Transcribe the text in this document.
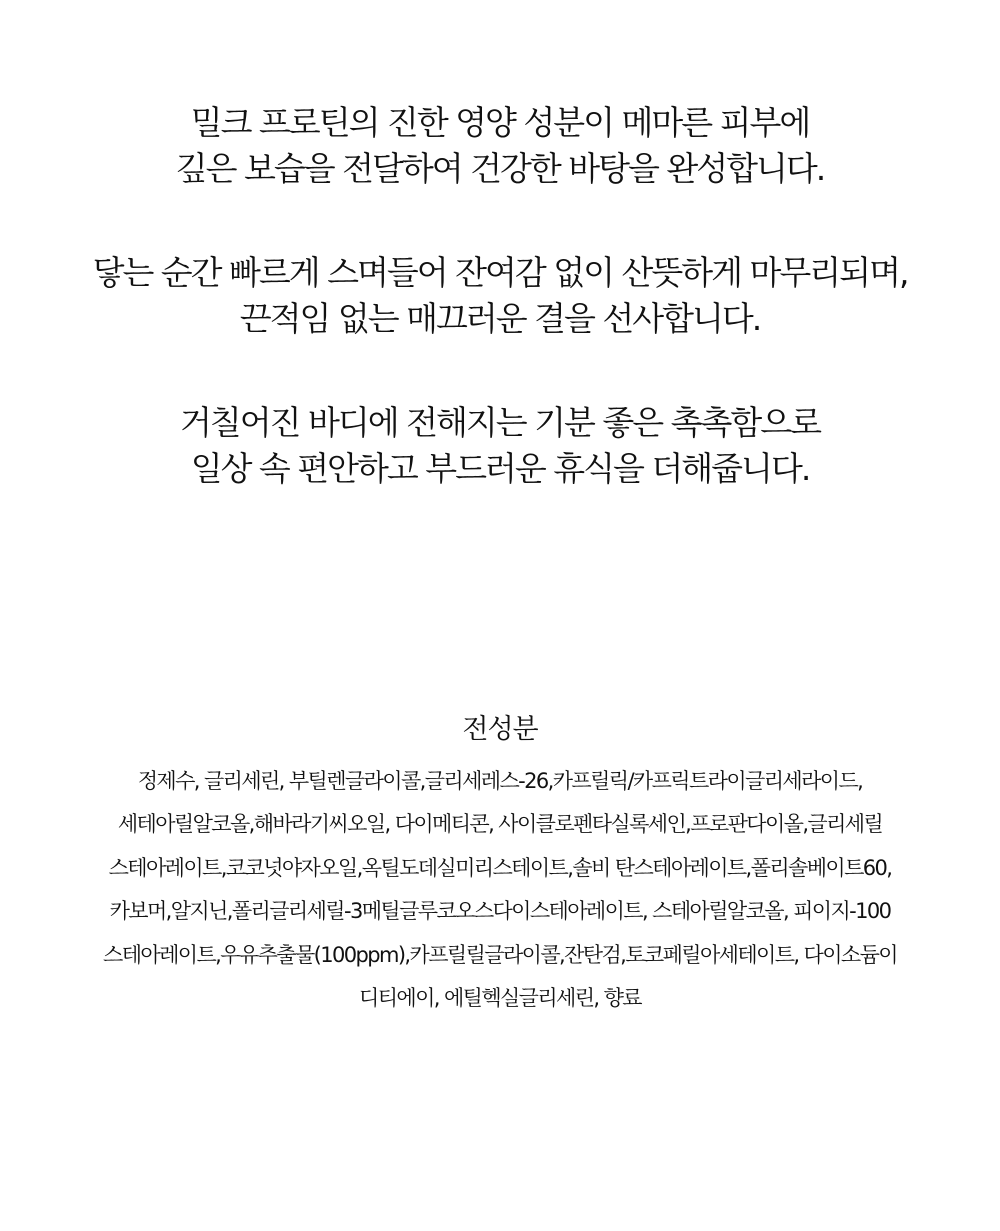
밀크 프로틴의 진한 영양 성분이 메마른 피부에
깊은 보습을 전달하여 건강한 바탕을 완성합니다.

닿는 순간 빠르게 스며들어 잔여감 없이 산뜻하게 마무리되며,
끈적임 없는 매끄러운 결을 선사합니다.

거칠어진 바디에 전해지는 기분 좋은 촉촉함으로
일상 속 편안하고 부드러운 휴식을 더해줍니다.

전성분
정제수, 글리세린, 부틸렌글라이콜,글리세레스-26,카프릴릭/카프릭트라이글리세라이드,
세테아릴알코올,해바라기씨오일, 다이메티콘, 사이클로펜타실록세인,프로판다이올,글리세릴
스테아레이트,코코넛야자오일,옥틸도데실미리스테이트,솔비 탄스테아레이트,폴리솔베이트60,
카보머,알지닌,폴리글리세릴-3메틸글루코오스다이스테아레이트, 스테아릴알코올, 피이지-100
스테아레이트,우유추출물(100ppm),카프릴릴글라이콜,잔탄검,토코페릴아세테이트, 다이소듐이
디티에이, 에틸헥실글리세린, 향료
